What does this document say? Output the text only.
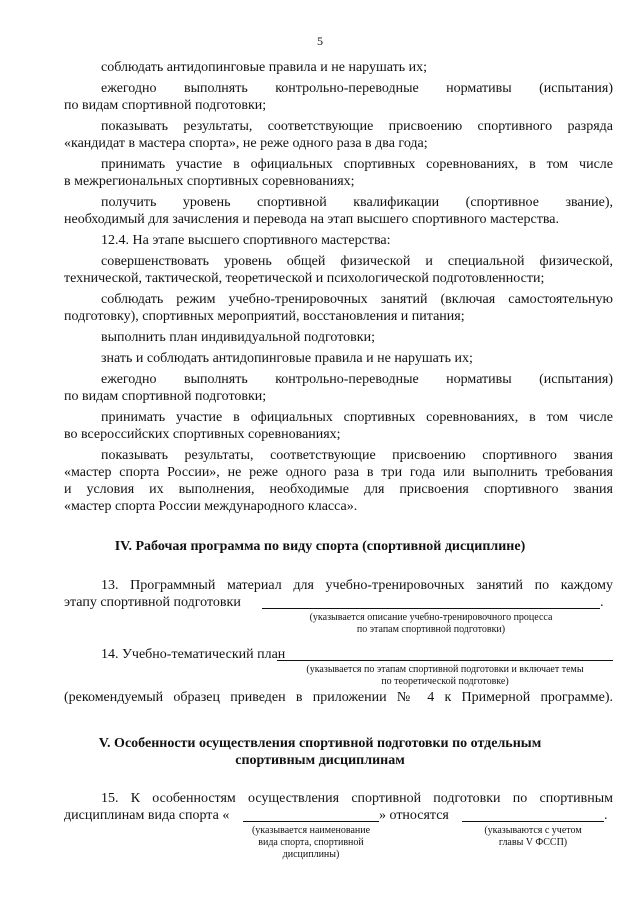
5
соблюдать антидопинговые правила и не нарушать их;
ежегодно выполнять контрольно-переводные нормативы (испытания)
по видам спортивной подготовки;
показывать результаты, соответствующие присвоению спортивного разряда
«кандидат в мастера спорта», не реже одного раза в два года;
принимать участие в официальных спортивных соревнованиях, в том числе
в межрегиональных спортивных соревнованиях;
получить уровень спортивной квалификации (спортивное звание),
необходимый для зачисления и перевода на этап высшего спортивного мастерства.
12.4. На этапе высшего спортивного мастерства:
совершенствовать уровень общей физической и специальной физической,
технической, тактической, теоретической и психологической подготовленности;
соблюдать режим учебно-тренировочных занятий (включая самостоятельную
подготовку), спортивных мероприятий, восстановления и питания;
выполнить план индивидуальной подготовки;
знать и соблюдать антидопинговые правила и не нарушать их;
ежегодно выполнять контрольно-переводные нормативы (испытания)
по видам спортивной подготовки;
принимать участие в официальных спортивных соревнованиях, в том числе
во всероссийских спортивных соревнованиях;
показывать результаты, соответствующие присвоению спортивного звания
«мастер спорта России», не реже одного раза в три года или выполнить требования
и условия их выполнения, необходимые для присвоения спортивного звания
«мастер спорта России международного класса».
IV. Рабочая программа по виду спорта (спортивной дисциплине)
13. Программный материал для учебно-тренировочных занятий по каждому
этапу спортивной подготовки	.
(указывается описание учебно-тренировочного процесса
по этапам спортивной подготовки)
14. Учебно-тематический план
(указывается по этапам спортивной подготовки и включает темы
по теоретической подготовке)
(рекомендуемый образец приведен в приложении № 4 к Примерной программе).
V. Особенности осуществления спортивной подготовки по отдельным
спортивным дисциплинам
15. К особенностям осуществления спортивной подготовки по спортивным
дисциплинам вида спорта «	» относятся	.
(указывается наименование
вида спорта, спортивной
дисциплины)
(указываются с учетом
главы V ФССП)
